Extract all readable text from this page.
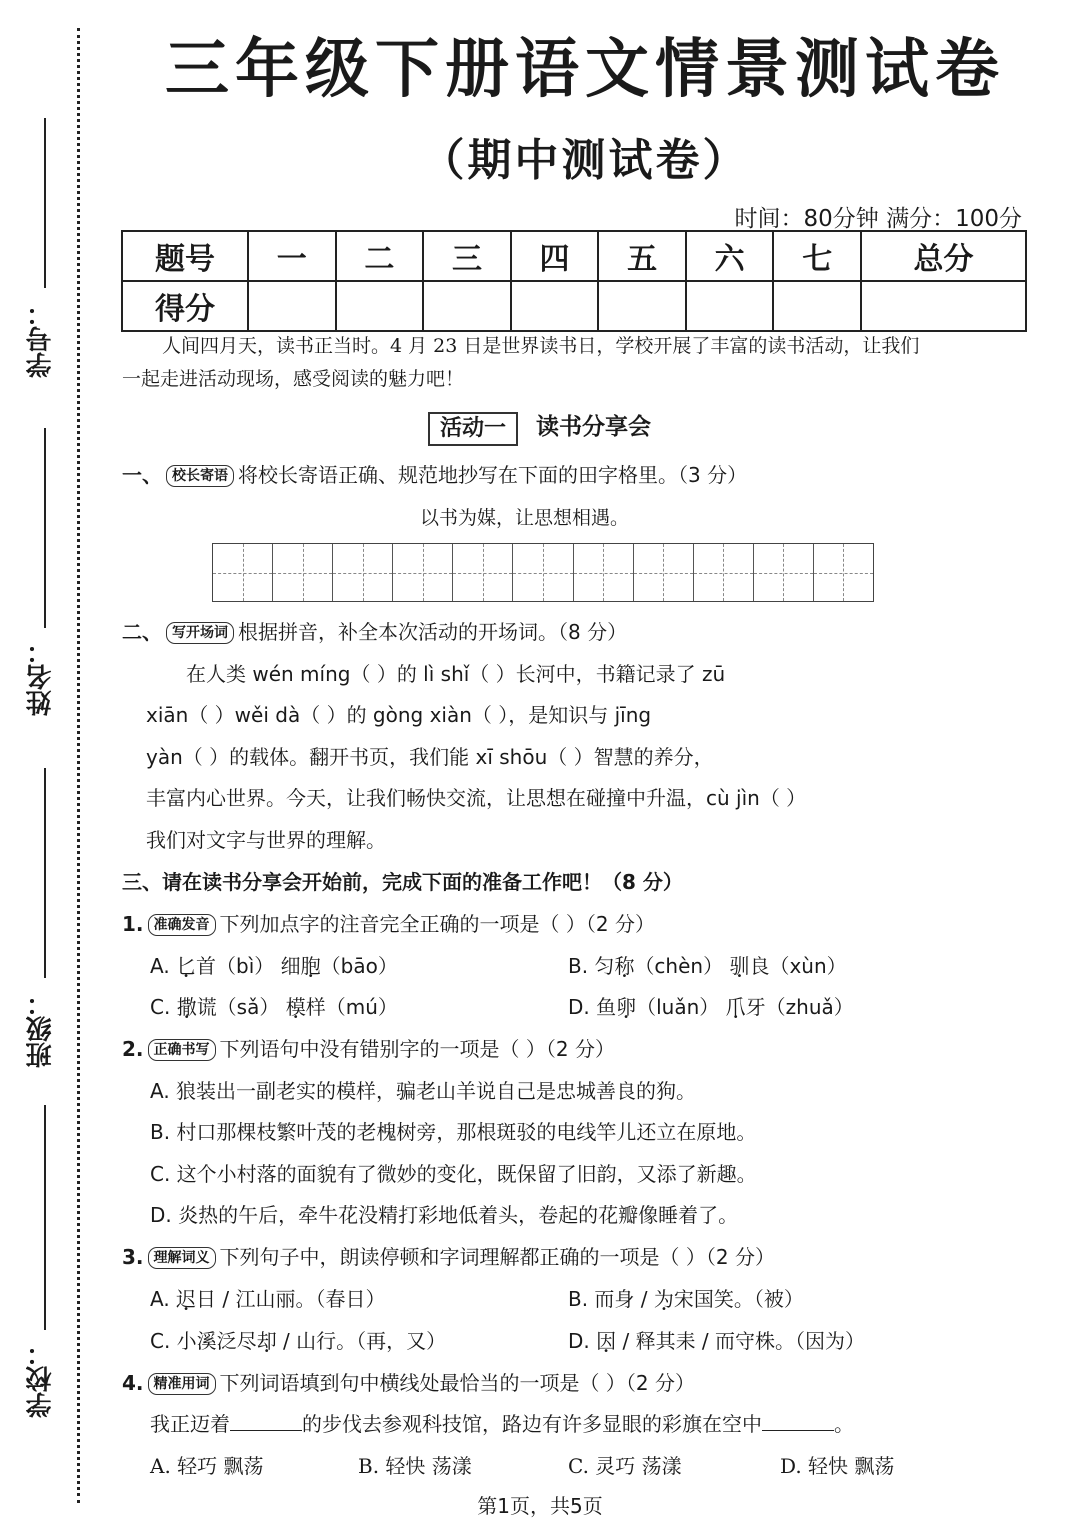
学号：
姓名：
班级：
学校：
三年级下册语文情景测试卷
（期中测试卷）
时间：80分钟 满分：100分
题号	一	二	三	四	五	六	七	总分
得分								
人间四月天，读书正当时。4 月 23 日是世界读书日，学校开展了丰富的读书活动，让我们
一起走进活动现场，感受阅读的魅力吧！
活动一	读书分享会
一、 校长寄语 将校长寄语正确、规范地抄写在下面的田字格里。（3 分）
以书为媒，让思想相遇。
二、 写开场词 根据拼音，补全本次活动的开场词。（8 分）
在人类 wén míng（ ）的 lì shǐ（ ）长河中，书籍记录了 zū
xiān（ ）wěi dà（ ）的 gòng xiàn（ ），是知识与 jīng
yàn（ ）的载体。翻开书页，我们能 xī shōu（ ）智慧的养分，
丰富内心世界。今天，让我们畅快交流，让思想在碰撞中升温，cù jìn（ ）
我们对文字与世界的理解。
三、请在读书分享会开始前，完成下面的准备工作吧！（8 分）
1. 准确发音 下列加点字的注音完全正确的一项是（ ）（2 分）
A. 匕首（bì） 细胞（bāo）	B. 匀称（chèn） 驯良（xùn）
C. 撒谎（sǎ） 模样（mú）	D. 鱼卵（luǎn） 爪牙（zhuǎ）
2. 正确书写 下列语句中没有错别字的一项是（ ）（2 分）
A. 狼装出一副老实的模样，骗老山羊说自己是忠城善良的狗。
B. 村口那棵枝繁叶茂的老槐树旁，那根斑驳的电线竿儿还立在原地。
C. 这个小村落的面貌有了微妙的变化，既保留了旧韵，又添了新趣。
D. 炎热的午后，牵牛花没精打彩地低着头，卷起的花瓣像睡着了。
3. 理解词义 下列句子中，朗读停顿和字词理解都正确的一项是（ ）（2 分）
A. 迟日 / 江山丽。（春日）	B. 而身 / 为宋国笑。（被）
C. 小溪泛尽却 / 山行。（再，又）	D. 因 / 释其耒 / 而守株。（因为）
4. 精准用词 下列词语填到句中横线处最恰当的一项是（ ）（2 分）
我正迈着	的步伐去参观科技馆，路边有许多显眼的彩旗在空中	。
A. 轻巧 飘荡	B. 轻快 荡漾	C. 灵巧 荡漾	D. 轻快 飘荡
第1页，共5页
